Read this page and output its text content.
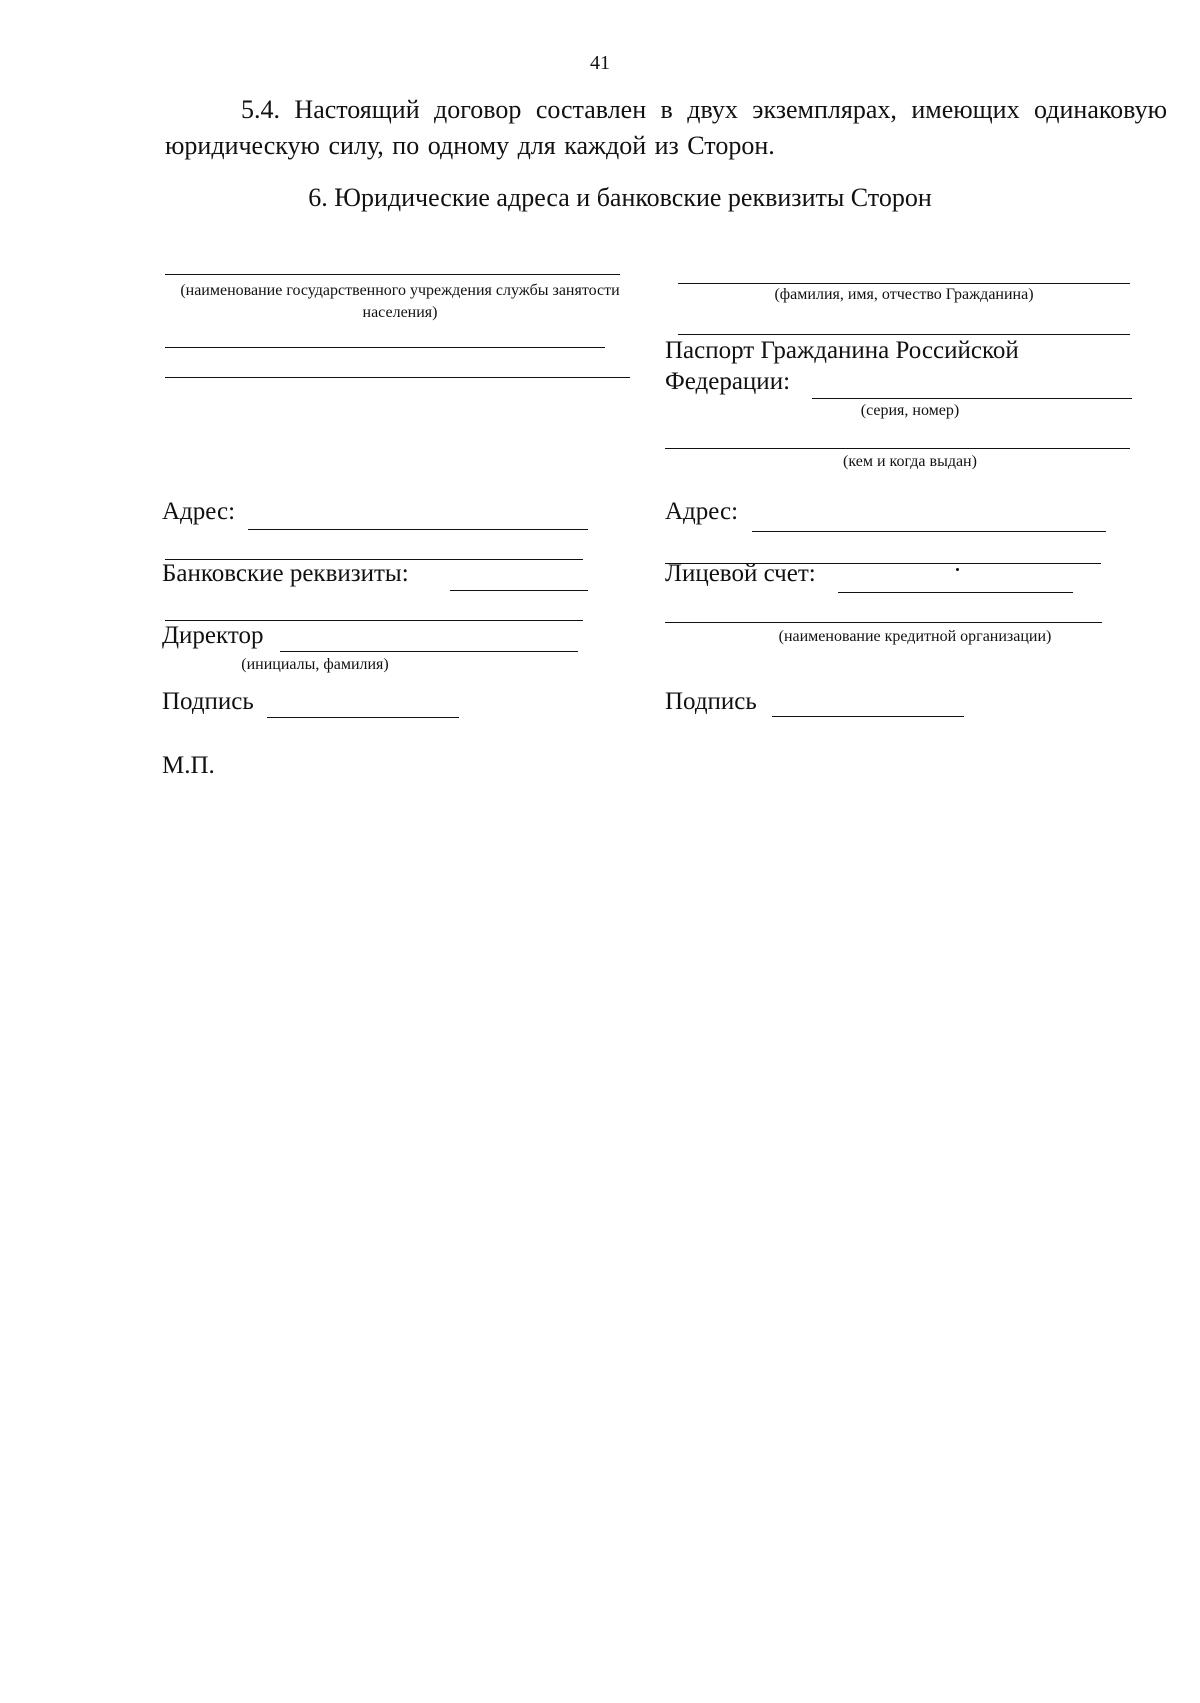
41
5.4. Настоящий договор составлен в двух экземплярах, имеющих одинаковую юридическую силу, по одному для каждой из Сторон.
6. Юридические адреса и банковские реквизиты Сторон
(наименование государственного учреждения службы занятости населения)
Адрес:
Банковские реквизиты:
Директор
(инициалы, фамилия)
Подпись
М.П.
(фамилия, имя, отчество Гражданина)
Паспорт Гражданина Российской
Федерации:
(серия, номер)
(кем и когда выдан)
Адрес:
Лицевой счет:
(наименование кредитной организации)
Подпись
